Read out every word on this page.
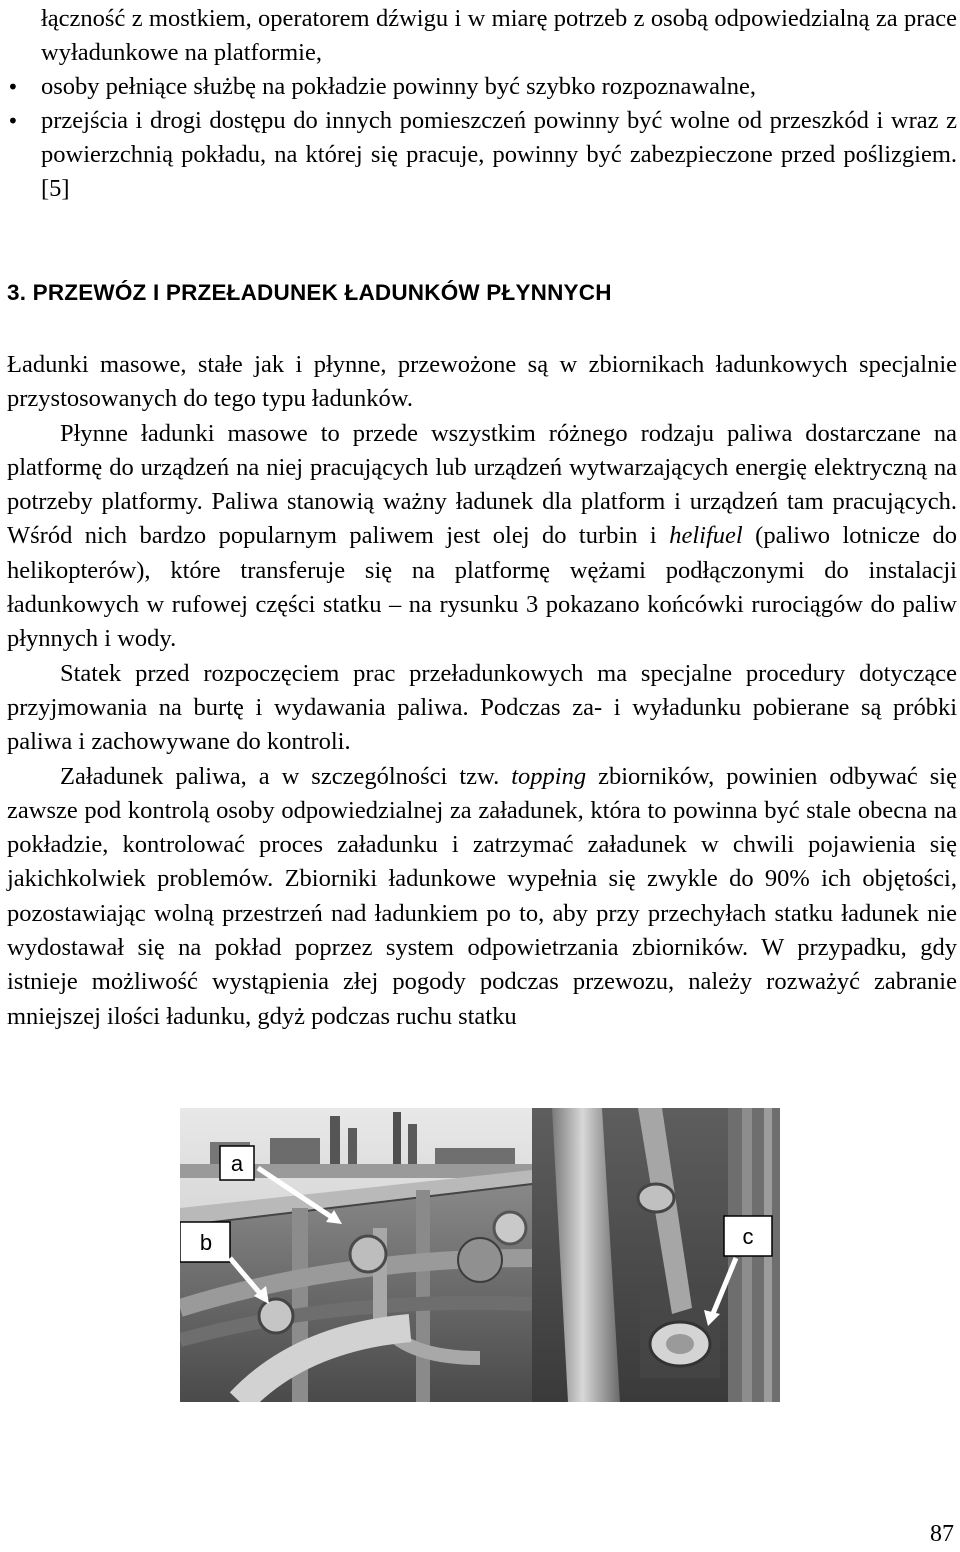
łączność z mostkiem, operatorem dźwigu i w miarę potrzeb z osobą odpowiedzialną za prace wyładunkowe na platformie,
• osoby pełniące służbę na pokładzie powinny być szybko rozpoznawalne,
• przejścia i drogi dostępu do innych pomieszczeń powinny być wolne od przeszkód i wraz z powierzchnią pokładu, na której się pracuje, powinny być zabezpieczone przed poślizgiem.[5]
3. PRZEWÓZ I PRZEŁADUNEK ŁADUNKÓW PŁYNNYCH

Ładunki masowe, stałe jak i płynne, przewożone są w zbiornikach ładunkowych specjalnie przystosowanych do tego typu ładunków.

Płynne ładunki masowe to przede wszystkim różnego rodzaju paliwa dostarczane na platformę do urządzeń na niej pracujących lub urządzeń wytwarzających energię elektryczną na potrzeby platformy. Paliwa stanowią ważny ładunek dla platform i urządzeń tam pracujących. Wśród nich bardzo popularnym paliwem jest olej do turbin i helifuel (paliwo lotnicze do helikopterów), które transferuje się na platformę wężami podłączonymi do instalacji ładunkowych w rufowej części statku – na rysunku 3 pokazano końcówki rurociągów do paliw płynnych i wody.

Statek przed rozpoczęciem prac przeładunkowych ma specjalne procedury dotyczące przyjmowania na burtę i wydawania paliwa. Podczas za- i wyładunku pobierane są próbki paliwa i zachowywane do kontroli.

Załadunek paliwa, a w szczególności tzw. topping zbiorników, powinien odbywać się zawsze pod kontrolą osoby odpowiedzialnej za załadunek, która to powinna być stale obecna na pokładzie, kontrolować proces załadunku i zatrzymać załadunek w chwili pojawienia się jakichkolwiek problemów. Zbiorniki ładunkowe wypełnia się zwykle do 90% ich objętości, pozostawiając wolną przestrzeń nad ładunkiem po to, aby przy przechyłach statku ładunek nie wydostawał się na pokład poprzez system odpowietrzania zbiorników. W przypadku, gdy istnieje możliwość wystąpienia złej pogody podczas przewozu, należy rozważyć zabranie mniejszej ilości ładunku, gdyż podczas ruchu statku

a
b	c
87
